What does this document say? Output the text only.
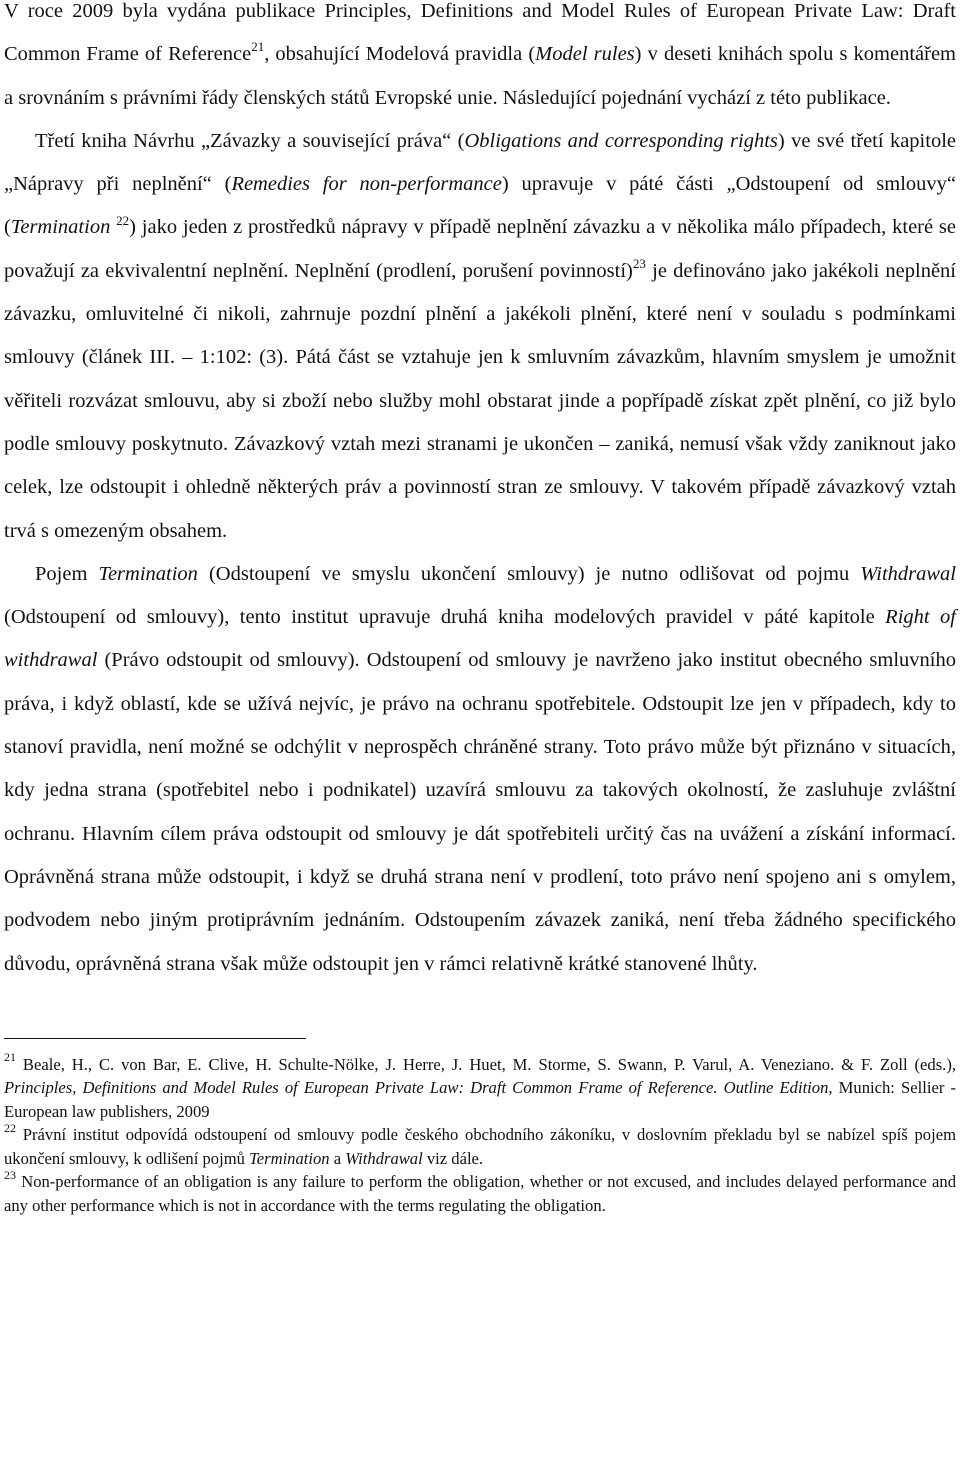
V roce 2009 byla vydána publikace Principles, Definitions and Model Rules of European Private Law: Draft Common Frame of Reference$^{21}$, obsahující Modelová pravidla (Model rules) v deseti knihách spolu s komentářem a srovnáním s právními řády členských států Evropské unie. Následující pojednání vychází z této publikace.

Třetí kniha Návrhu „Závazky a související práva“ (Obligations and corresponding rights) ve své třetí kapitole „Nápravy při neplnění“ (Remedies for non-performance) upravuje v páté části „Odstoupení od smlouvy“ (Termination $^{22}$) jako jeden z prostředků nápravy v případě neplnění závazku a v několika málo případech, které se považují za ekvivalentní neplnění. Neplnění (prodlení, porušení povinností)$^{23}$ je definováno jako jakékoli neplnění závazku, omluvitelné či nikoli, zahrnuje pozdní plnění a jakékoli plnění, které není v souladu s podmínkami smlouvy (článek III. – 1:102: (3). Pátá část se vztahuje jen k smluvním závazkům, hlavním smyslem je umožnit věřiteli rozvázat smlouvu, aby si zboží nebo služby mohl obstarat jinde a popřípadě získat zpět plnění, co již bylo podle smlouvy poskytnuto. Závazkový vztah mezi stranami je ukončen – zaniká, nemusí však vždy zaniknout jako celek, lze odstoupit i ohledně některých práv a povinností stran ze smlouvy. V takovém případě závazkový vztah trvá s omezeným obsahem.

Pojem Termination (Odstoupení ve smyslu ukončení smlouvy) je nutno odlišovat od pojmu Withdrawal (Odstoupení od smlouvy), tento institut upravuje druhá kniha modelových pravidel v páté kapitole Right of withdrawal (Právo odstoupit od smlouvy). Odstoupení od smlouvy je navrženo jako institut obecného smluvního práva, i když oblastí, kde se užívá nejvíc, je právo na ochranu spotřebitele. Odstoupit lze jen v případech, kdy to stanoví pravidla, není možné se odchýlit v neprospěch chráněné strany. Toto právo může být přiznáno v situacích, kdy jedna strana (spotřebitel nebo i podnikatel) uzavírá smlouvu za takových okolností, že zasluhuje zvláštní ochranu. Hlavním cílem práva odstoupit od smlouvy je dát spotřebiteli určitý čas na uvážení a získání informací. Oprávněná strana může odstoupit, i když se druhá strana není v prodlení, toto právo není spojeno ani s omylem, podvodem nebo jiným protiprávním jednáním. Odstoupením závazek zaniká, není třeba žádného specifického důvodu, oprávněná strana však může odstoupit jen v rámci relativně krátké stanovené lhůty.

$^{21}$ Beale, H., C. von Bar, E. Clive, H. Schulte-Nölke, J. Herre, J. Huet, M. Storme, S. Swann, P. Varul, A. Veneziano. & F. Zoll (eds.), Principles, Definitions and Model Rules of European Private Law: Draft Common Frame of Reference. Outline Edition, Munich: Sellier - European law publishers, 2009

$^{22}$ Právní institut odpovídá odstoupení od smlouvy podle českého obchodního zákoníku, v doslovním překladu byl se nabízel spíš pojem ukončení smlouvy, k odlišení pojmů Termination a Withdrawal viz dále.

$^{23}$ Non-performance of an obligation is any failure to perform the obligation, whether or not excused, and includes delayed performance and any other performance which is not in accordance with the terms regulating the obligation.
